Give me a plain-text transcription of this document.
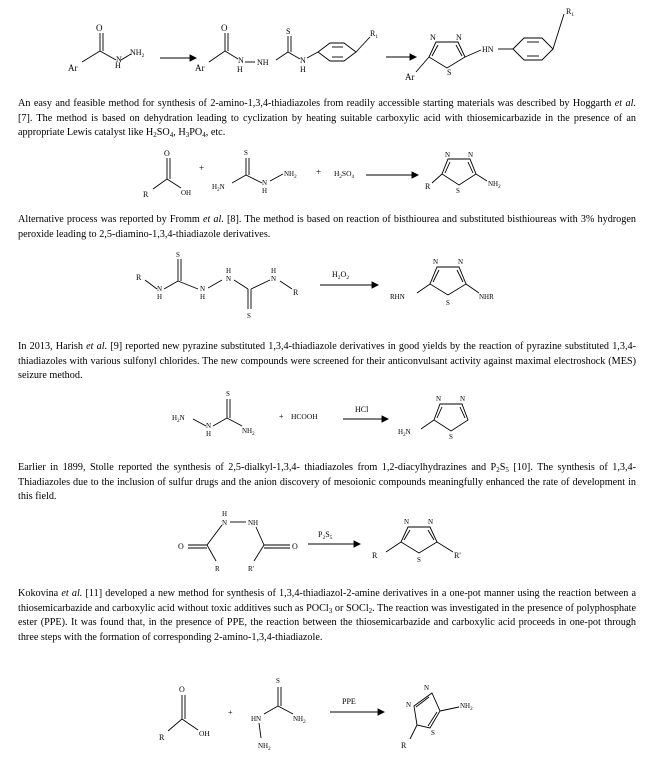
O
Ar	H
N
$NH_2$
O
Ar
N
H
NH
S
N
H
$R_1$	N	N
S
HN
Ar
$R_1$

An easy and feasible method for synthesis of 2-amino-1,3,4-thiadiazoles from readily accessible starting materials was described by Hoggarth et al. [7]. The method is based on dehydration leading to cyclization by heating suitable carboxylic acid with thiosemicarbazide in the presence of an appropriate Lewis catalyst like $H_2SO_4$, $H_3PO_4$, etc.

O
R	OH
+
S
$H_2N$	N
H
$NH_2$
+ $H_2SO_4$
N	N
R	S
$NH_2$

Alternative process was reported by Fromm et al. [8]. The method is based on reaction of bisthiourea and substituted bisthioureas with 3% hydrogen peroxide leading to 2,5-diamino-1,3,4-thiadiazole derivatives.

S
R
N
H
N
H
H
N
H
N
R
S
$H_2O_2$
N	N
RHN
S
NHR

In 2013, Harish et al. [9] reported new pyrazine substituted 1,3,4-thiadiazole derivatives in good yields by the reaction of pyrazine substituted 1,3,4-thiadiazoles with various sulfonyl chlorides. The new compounds were screened for their anticonvulsant activity against maximal electroshock (MES) seizure method.

S
$H_2N$
N
H	$NH_2$
+ HCOOH
HCl
N	N
$H_2N$
S

Earlier in 1899, Stolle reported the synthesis of 2,5-dialkyl-1,3,4- thiadiazoles from 1,2-diacylhydrazines and $P_2S_5$ [10]. The synthesis of 1,3,4-Thiadiazoles due to the inclusion of sulfur drugs and the anion discovery of mesoionic compounds meaningfully enhanced the rate of development in this field.

H
N	NH
O	O
R	R'
$P_2S_5$
N	N
R	S	R'

Kokovina et al. [11] developed a new method for synthesis of 1,3,4-thiadiazol-2-amine derivatives in a one-pot manner using the reaction between a thiosemicarbazide and carboxylic acid without toxic additives such as POCl$_3$ or SOCl$_2$. The reaction was investigated in the presence of polyphosphate ester (PPE). It was found that, in the presence of PPE, the reaction between the thiosemicarbazide and carboxylic acid proceeds in one-pot through three steps with the formation of corresponding 2-amino-1,3,4-thiadiazole.

O
R	OH
+
S
HN	$NH_2$
$NH_2$
PPE
N
N	$NH_2$
R
S
